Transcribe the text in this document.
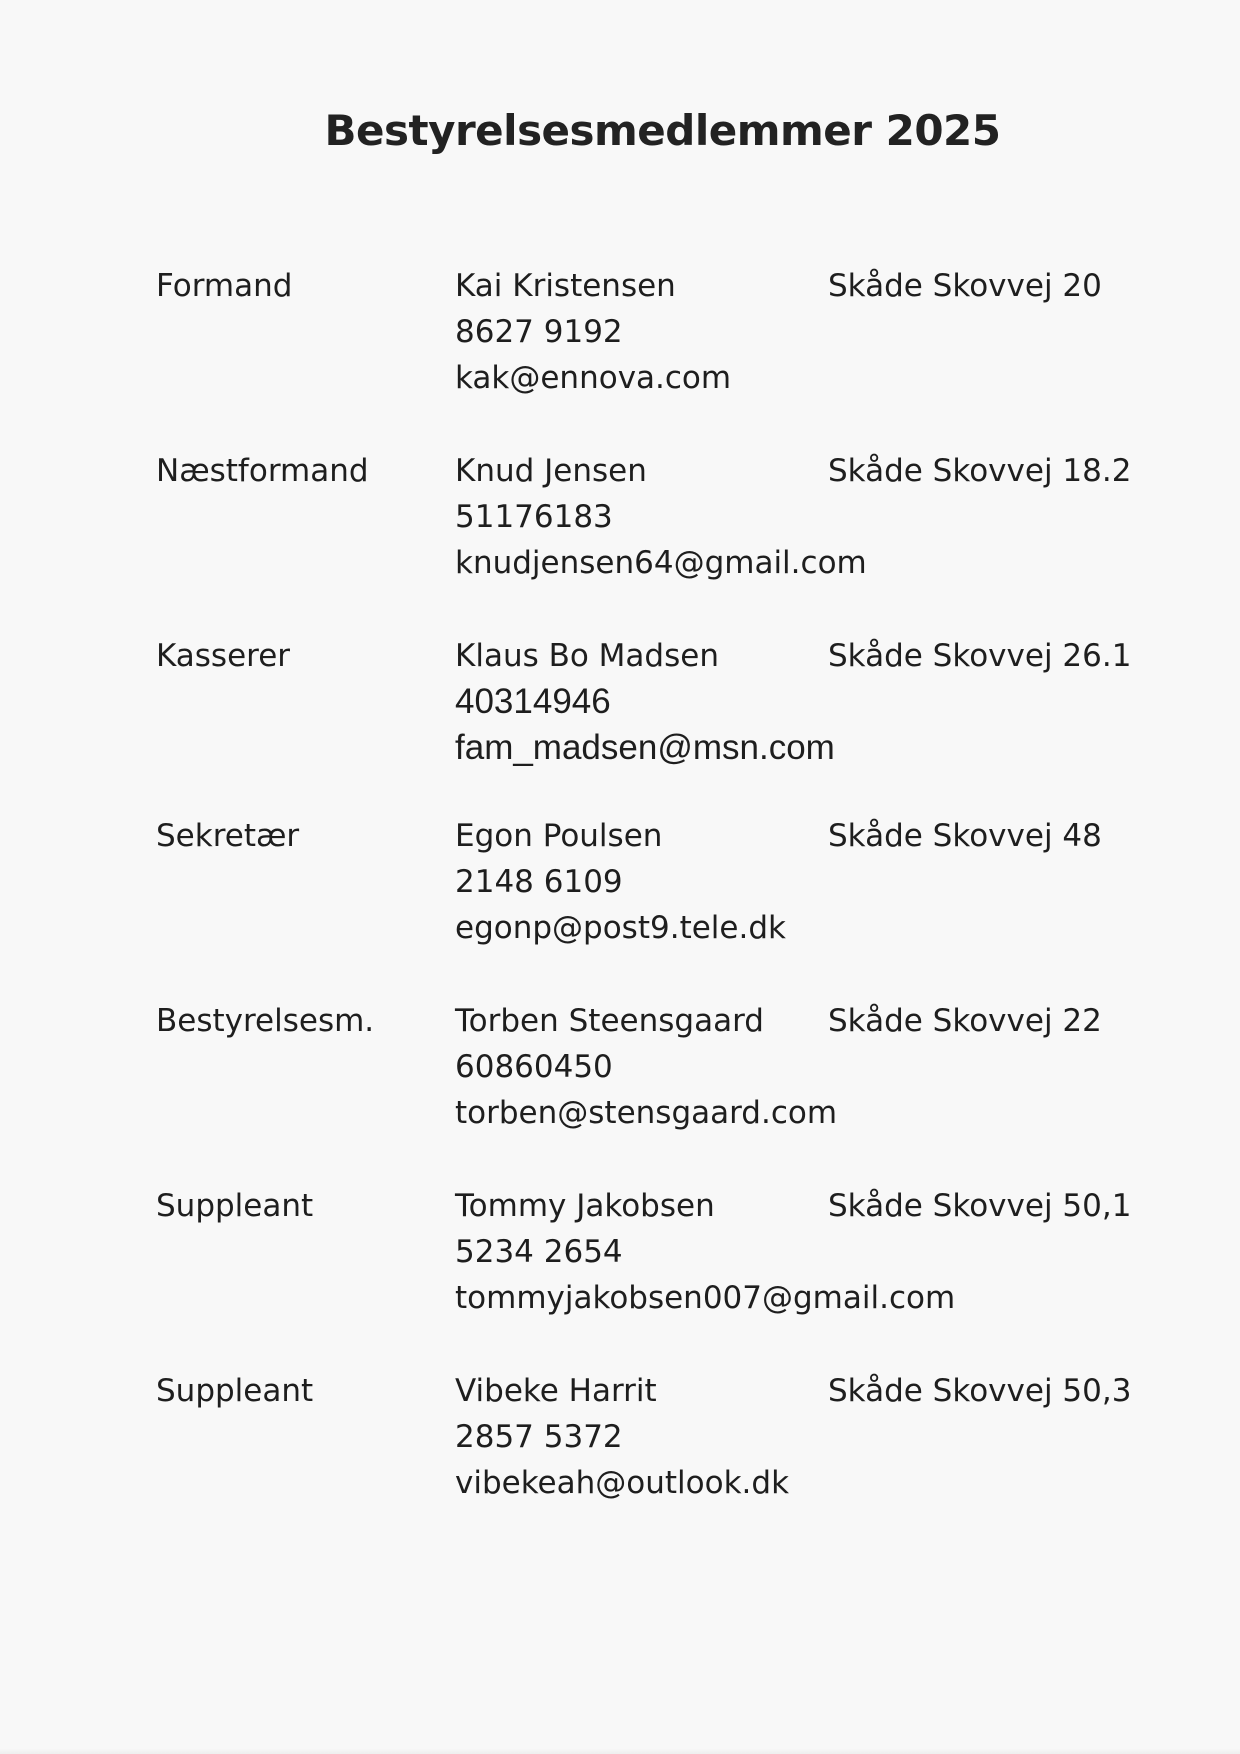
Bestyrelsesmedlemmer 2025
Formand	Kai Kristensen	Skåde Skovvej 20
8627 9192
kak@ennova.com
Næstformand	Knud Jensen	Skåde Skovvej 18.2
51176183
knudjensen64@gmail.com
Kasserer	Klaus Bo Madsen	Skåde Skovvej 26.1
40314946
fam_madsen@msn.com
Sekretær	Egon Poulsen	Skåde Skovvej 48
2148 6109
egonp@post9.tele.dk
Bestyrelsesm.	Torben Steensgaard Skåde Skovvej 22
60860450
torben@stensgaard.com
Suppleant	Tommy Jakobsen	Skåde Skovvej 50,1
5234 2654
tommyjakobsen007@gmail.com
Suppleant	Vibeke Harrit	Skåde Skovvej 50,3
2857 5372
vibekeah@outlook.dk
